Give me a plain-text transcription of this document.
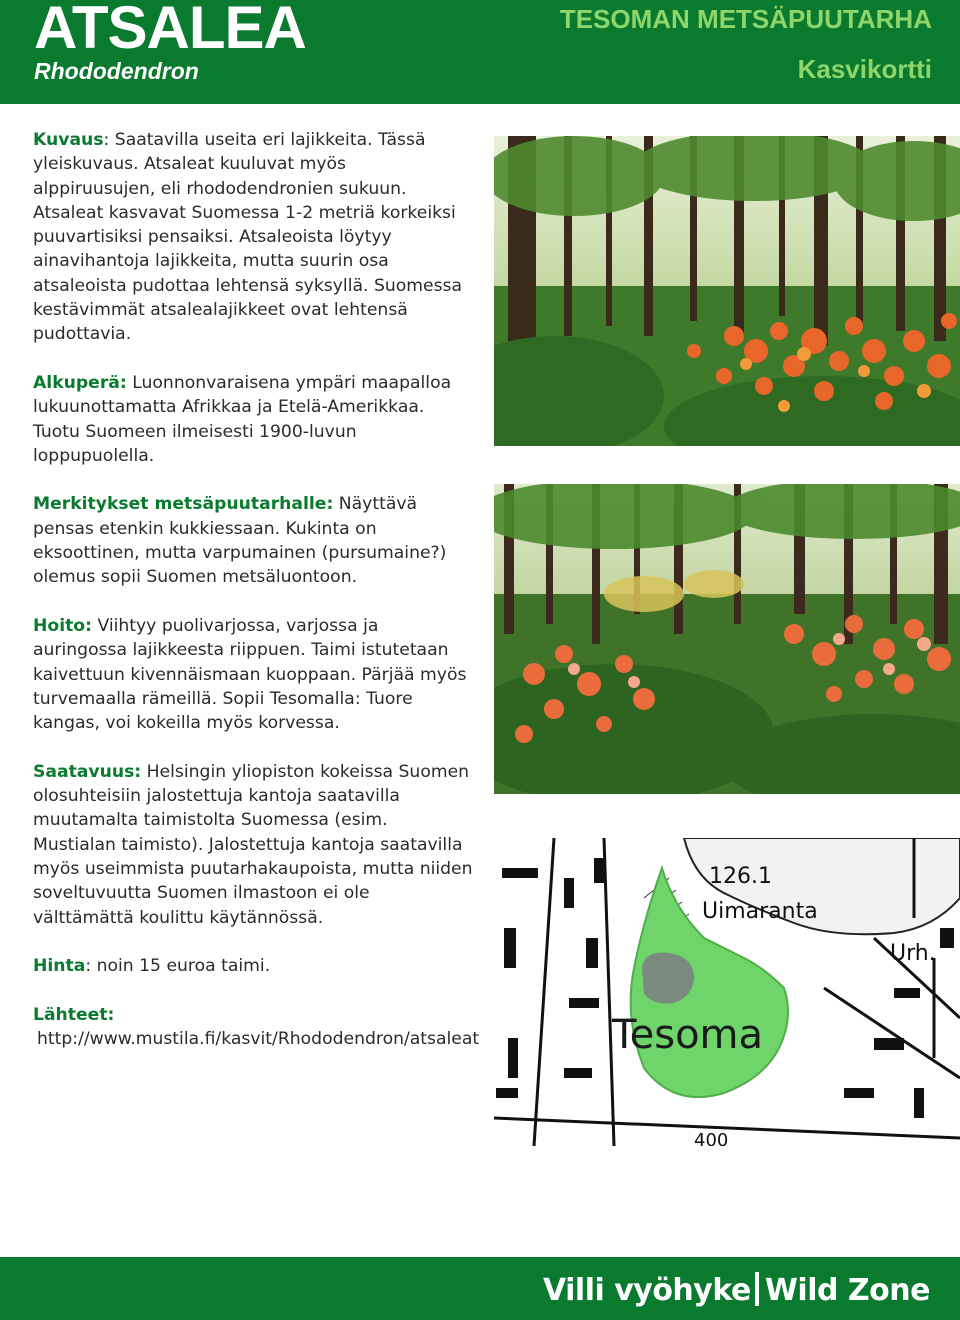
ATSALEA
Rhododendron
TESOMAN METSÄPUUTARHA
Kasvikortti

Kuvaus: Saatavilla useita eri lajikkeita. Tässä yleiskuvaus. Atsaleat kuuluvat myös alppiruusujen, eli rhododendronien sukuun. Atsaleat kasvavat Suomessa 1-2 metriä korkeiksi puuvartisiksi pensaiksi. Atsaleoista löytyy ainavihantoja lajikkeita, mutta suurin osa atsaleoista pudottaa lehtensä syksyllä. Suomessa kestävimmät atsalealajikkeet ovat lehtensä pudottavia.

Alkuperä: Luonnonvaraisena ympäri maapalloa lukuunottamatta Afrikkaa ja Etelä-Amerikkaa. Tuotu Suomeen ilmeisesti 1900-luvun loppupuolella.

Merkitykset metsäpuutarhalle: Näyttävä pensas etenkin kukkiessaan. Kukinta on eksoottinen, mutta varpumainen (pursumaine?) olemus sopii Suomen metsäluontoon.

Hoito: Viihtyy puolivarjossa, varjossa ja auringossa lajikkeesta riippuen. Taimi istutetaan kaivettuun kivennäismaan kuoppaan. Pärjää myös turvemaalla rämeillä. Sopii Tesomalla: Tuore kangas, voi kokeilla myös korvessa.

Saatavuus: Helsingin yliopiston kokeissa Suomen olosuhteisiin jalostettuja kantoja saatavilla muutamalta taimistolta Suomessa (esim. Mustialan taimisto). Jalostettuja kantoja saatavilla myös useimmista puutarhakaupoista, mutta niiden soveltuvuutta Suomen ilmastoon ei ole välttämättä koulittu käytännössä.

Hinta: noin 15 euroa taimi.

Lähteet:
http://www.mustila.fi/kasvit/Rhododendron/atsaleat

126.1
Uimaranta
Urh.
Tesoma
400
Villi vyöhyke Wild Zone
